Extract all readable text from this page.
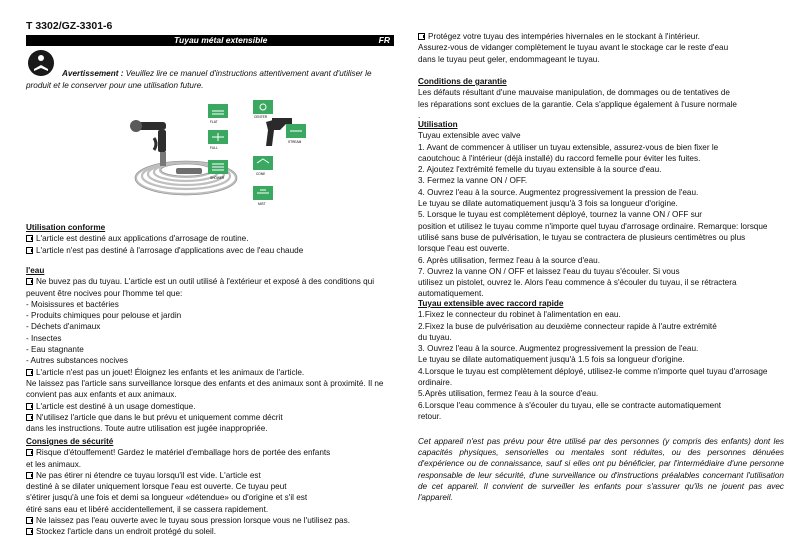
T 3302/GZ-3301-6
Tuyau métal extensible	FR
Avertissement : Veuillez lire ce manuel d'instructions attentivement avant d'utiliser le produit et le conserver pour une utilisation future.
FLAT
CENTER
FULL
STREAM
CONE
SHOWER
MIST
Utilisation conforme
L'article est destiné aux applications d'arrosage de routine.
L'article n'est pas destiné à l'arrosage d'applications avec de l'eau chaude
l'eau
Ne buvez pas du tuyau. L'article est un outil utilisé à l'extérieur et exposé à des conditions qui
peuvent être nocives pour l'homme tel que:
- Moisissures et bactéries
- Produits chimiques pour pelouse et jardin
- Déchets d'animaux
- Insectes
- Eau stagnante
- Autres substances nocives
L'article n'est pas un jouet! Éloignez les enfants et les animaux de l'article.
Ne laissez pas l'article sans surveillance lorsque des enfants et des animaux sont à proximité. Il ne
convient pas aux enfants et aux animaux.
L'article est destiné à un usage domestique.
N'utilisez l'article que dans le but prévu et uniquement comme décrit
dans les instructions. Toute autre utilisation est jugée inappropriée.
Consignes de sécurité
Risque d'étouffement! Gardez le matériel d'emballage hors de portée des enfants
et les animaux.
Ne pas étirer ni étendre ce tuyau lorsqu'il est vide. L'article est
destiné à se dilater uniquement lorsque l'eau est ouverte. Ce tuyau peut
s'étirer jusqu'à une fois et demi sa longueur «détendue» ou d'origine et s'il est
étiré sans eau et libéré accidentellement, il se cassera rapidement.
Ne laissez pas l'eau ouverte avec le tuyau sous pression lorsque vous ne l'utilisez pas.
Stockez l'article dans un endroit protégé du soleil.
Protégez votre tuyau des intempéries hivernales en le stockant à l'intérieur.
Assurez-vous de vidanger complètement le tuyau avant le stockage car le reste d'eau
dans le tuyau peut geler, endommageant le tuyau.
Conditions de garantie
Les défauts résultant d'une mauvaise manipulation, de dommages ou de tentatives de
les réparations sont exclues de la garantie. Cela s'applique également à l'usure normale
.
Utilisation
Tuyau extensible avec valve
1. Avant de commencer à utiliser un tuyau extensible, assurez-vous de bien fixer le
caoutchouc à l'intérieur (déjà installé) du raccord femelle pour éviter les fuites.
2. Ajoutez l'extrémité femelle du tuyau extensible à la source d'eau.
3. Fermez la vanne ON / OFF.
4. Ouvrez l'eau à la source. Augmentez progressivement la pression de l'eau.
Le tuyau se dilate automatiquement jusqu'à 3 fois sa longueur d'origine.
5. Lorsque le tuyau est complètement déployé, tournez la vanne ON / OFF sur
position et utilisez le tuyau comme n'importe quel tuyau d'arrosage ordinaire. Remarque: lorsque
utilisé sans buse de pulvérisation, le tuyau se contractera de plusieurs centimètres ou plus
lorsque l'eau est ouverte.
6. Après utilisation, fermez l'eau à la source d'eau.
7. Ouvrez la vanne ON / OFF et laissez l'eau du tuyau s'écouler. Si vous
utilisez un pistolet, ouvrez le. Alors l'eau commence à s'écouler du tuyau, il se rétractera
automatiquement.
Tuyau extensible avec raccord rapide
1.Fixez le connecteur du robinet à l'alimentation en eau.
2.Fixez la buse de pulvérisation au deuxième connecteur rapide à l'autre extrémité
du tuyau.
3. Ouvrez l'eau à la source. Augmentez progressivement la pression de l'eau.
Le tuyau se dilate automatiquement jusqu'à 1.5 fois sa longueur d'origine.
4.Lorsque le tuyau est complètement déployé, utilisez-le comme n'importe quel tuyau d'arrosage
ordinaire.
5.Après utilisation, fermez l'eau à la source d'eau.
6.Lorsque l'eau commence à s'écouler du tuyau, elle se contracte automatiquement
retour.
Cet appareil n'est pas prévu pour être utilisé par des personnes (y compris des enfants) dont les capacités physiques, sensorielles ou mentales sont réduites, ou des personnes dénuées d'expérience ou de connaissance, sauf si elles ont pu bénéficier, par l'intermédiaire d'une personne responsable de leur sécurité, d'une surveillance ou d'instructions préalables concernant l'utilisation de cet appareil. Il convient de surveiller les enfants pour s'assurer qu'ils ne jouent pas avec l'appareil.
